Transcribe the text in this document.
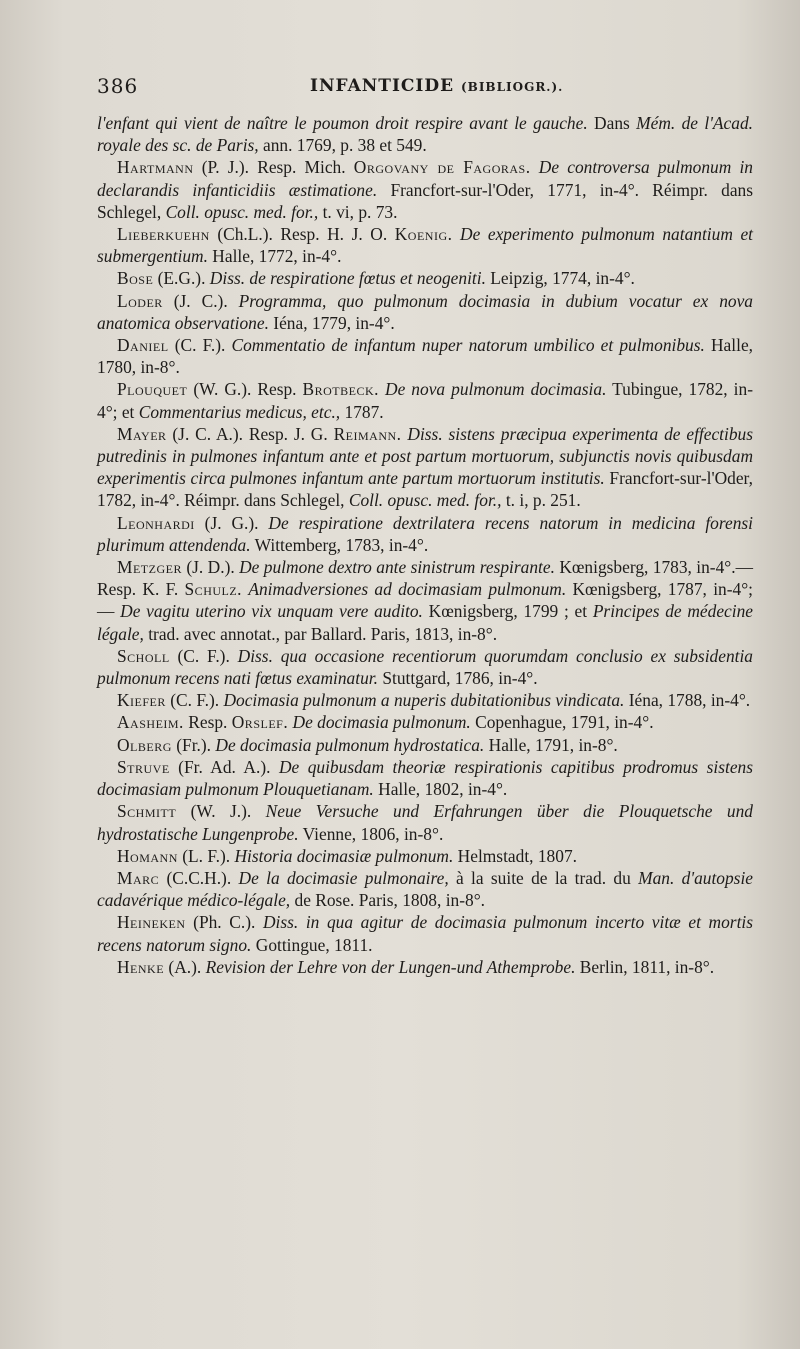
386	INFANTICIDE (BIBLIOGR.).

l'enfant qui vient de naître le poumon droit respire avant le gauche. Dans Mém. de l'Acad. royale des sc. de Paris, ann. 1769, p. 38 et 549.

Hartmann (P. J.). Resp. Mich. Orgovany de Fagoras. De controversa pulmonum in declarandis infanticidiis æstimatione. Francfort-sur-l'Oder, 1771, in-4°. Réimpr. dans Schlegel, Coll. opusc. med. for., t. vi, p. 73.

Lieberkuehn (Ch.L.). Resp. H. J. O. Koenig. De experimento pulmonum natantium et submergentium. Halle, 1772, in-4°.

Bose (E.G.). Diss. de respiratione fœtus et neogeniti. Leipzig, 1774, in-4°.

Loder (J. C.). Programma, quo pulmonum docimasia in dubium vocatur ex nova anatomica observatione. Iéna, 1779, in-4°.

Daniel (C. F.). Commentatio de infantum nuper natorum umbilico et pulmonibus. Halle, 1780, in-8°.

Plouquet (W. G.). Resp. Brotbeck. De nova pulmonum docimasia. Tubingue, 1782, in-4°; et Commentarius medicus, etc., 1787.

Mayer (J. C. A.). Resp. J. G. Reimann. Diss. sistens præcipua experimenta de effectibus putredinis in pulmones infantum ante et post partum mortuorum, subjunctis novis quibusdam experimentis circa pulmones infantum ante partum mortuorum institutis. Francfort-sur-l'Oder, 1782, in-4°. Réimpr. dans Schlegel, Coll. opusc. med. for., t. i, p. 251.

Leonhardi (J. G.). De respiratione dextrilatera recens natorum in medicina forensi plurimum attendenda. Wittemberg, 1783, in-4°.

Metzger (J. D.). De pulmone dextro ante sinistrum respirante. Kœnigsberg, 1783, in-4°.—Resp. K. F. Schulz. Animadversiones ad docimasiam pulmonum. Kœnigsberg, 1787, in-4°; — De vagitu uterino vix unquam vere audito. Kœnigsberg, 1799 ; et Principes de médecine légale, trad. avec annotat., par Ballard. Paris, 1813, in-8°.

Scholl (C. F.). Diss. qua occasione recentiorum quorumdam conclusio ex subsidentia pulmonum recens nati fœtus examinatur. Stuttgard, 1786, in-4°.

Kiefer (C. F.). Docimasia pulmonum a nuperis dubitationibus vindicata. Iéna, 1788, in-4°.

Aasheim. Resp. Orslef. De docimasia pulmonum. Copenhague, 1791, in-4°.

Olberg (Fr.). De docimasia pulmonum hydrostatica. Halle, 1791, in-8°.

Struve (Fr. Ad. A.). De quibusdam theoriæ respirationis capitibus prodromus sistens docimasiam pulmonum Plouquetianam. Halle, 1802, in-4°.

Schmitt (W. J.). Neue Versuche und Erfahrungen über die Plouquetsche und hydrostatische Lungenprobe. Vienne, 1806, in-8°.

Homann (L. F.). Historia docimasiæ pulmonum. Helmstadt, 1807.

Marc (C.C.H.). De la docimasie pulmonaire, à la suite de la trad. du Man. d'autopsie cadavérique médico-légale, de Rose. Paris, 1808, in-8°.

Heineken (Ph. C.). Diss. in qua agitur de docimasia pulmonum incerto vitæ et mortis recens natorum signo. Gottingue, 1811.

Henke (A.). Revision der Lehre von der Lungen-und Athemprobe. Berlin, 1811, in-8°.
